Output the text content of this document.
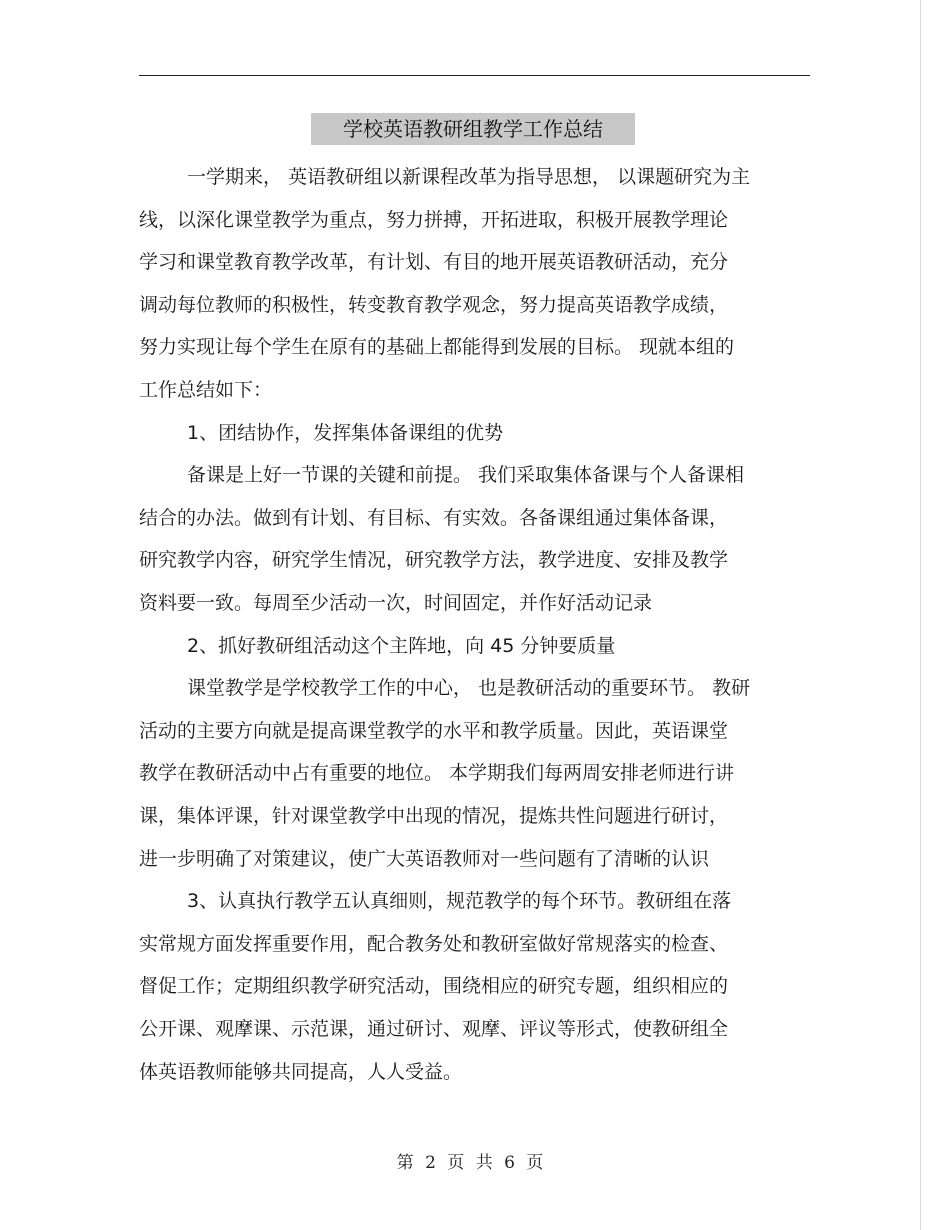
学校英语教研组教学工作总结
一学期来， 英语教研组以新课程改革为指导思想， 以课题研究为主
线，以深化课堂教学为重点，努力拼搏，开拓进取，积极开展教学理论
学习和课堂教育教学改革，有计划、有目的地开展英语教研活动，充分
调动每位教师的积极性，转变教育教学观念，努力提高英语教学成绩，
努力实现让每个学生在原有的基础上都能得到发展的目标。 现就本组的
工作总结如下：
1、团结协作，发挥集体备课组的优势
备课是上好一节课的关键和前提。 我们采取集体备课与个人备课相
结合的办法。做到有计划、有目标、有实效。各备课组通过集体备课，
研究教学内容，研究学生情况，研究教学方法，教学进度、安排及教学
资料要一致。每周至少活动一次，时间固定，并作好活动记录
2、抓好教研组活动这个主阵地，向 45 分钟要质量
课堂教学是学校教学工作的中心， 也是教研活动的重要环节。 教研
活动的主要方向就是提高课堂教学的水平和教学质量。因此，英语课堂
教学在教研活动中占有重要的地位。 本学期我们每两周安排老师进行讲
课，集体评课，针对课堂教学中出现的情况，提炼共性问题进行研讨，
进一步明确了对策建议，使广大英语教师对一些问题有了清晰的认识
3、认真执行教学五认真细则，规范教学的每个环节。教研组在落
实常规方面发挥重要作用，配合教务处和教研室做好常规落实的检查、
督促工作；定期组织教学研究活动，围绕相应的研究专题，组织相应的
公开课、观摩课、示范课，通过研讨、观摩、评议等形式，使教研组全
体英语教师能够共同提高，人人受益。
第 2 页 共 6 页
